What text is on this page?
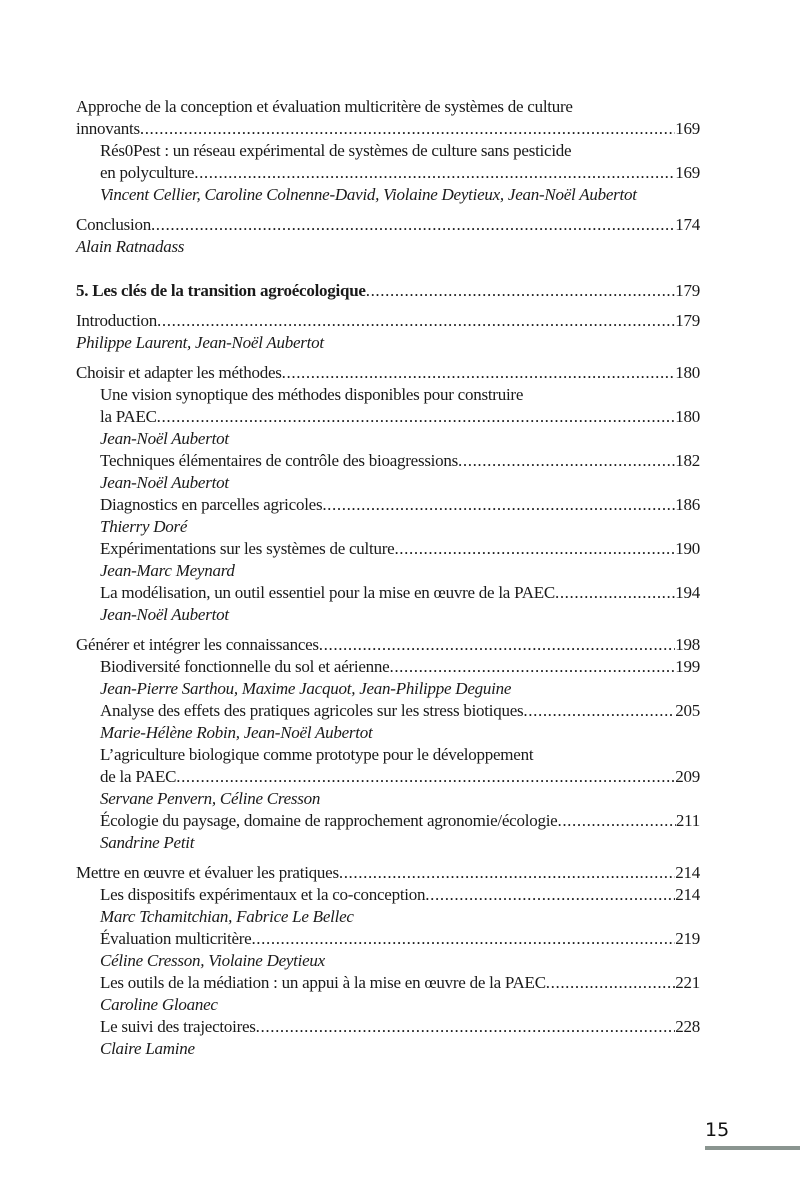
Approche de la conception et évaluation multicritère de systèmes de culture
innovants .....	169
Rés0Pest : un réseau expérimental de systèmes de culture sans pesticide
en polyculture .....	169
Vincent Cellier, Caroline Colnenne-David, Violaine Deytieux, Jean-Noël Aubertot
Conclusion .....	174
Alain Ratnadass
5. Les clés de la transition agroécologique .....	179
Introduction .....	179
Philippe Laurent, Jean-Noël Aubertot
Choisir et adapter les méthodes .....	180
Une vision synoptique des méthodes disponibles pour construire
la PAEC .....	180
Jean-Noël Aubertot
Techniques élémentaires de contrôle des bioagressions .....	182
Jean-Noël Aubertot
Diagnostics en parcelles agricoles .....	186
Thierry Doré
Expérimentations sur les systèmes de culture .....	190
Jean-Marc Meynard
La modélisation, un outil essentiel pour la mise en œuvre de la PAEC .....	194
Jean-Noël Aubertot
Générer et intégrer les connaissances .....	198
Biodiversité fonctionnelle du sol et aérienne .....	199
Jean-Pierre Sarthou, Maxime Jacquot, Jean-Philippe Deguine
Analyse des effets des pratiques agricoles sur les stress biotiques .....	205
Marie-Hélène Robin, Jean-Noël Aubertot
L’agriculture biologique comme prototype pour le développement
de la PAEC .....	209
Servane Penvern, Céline Cresson
Écologie du paysage, domaine de rapprochement agronomie/écologie .....	211
Sandrine Petit
Mettre en œuvre et évaluer les pratiques .....	214
Les dispositifs expérimentaux et la co-conception .....	214
Marc Tchamitchian, Fabrice Le Bellec
Évaluation multicritère .....	219
Céline Cresson, Violaine Deytieux
Les outils de la médiation : un appui à la mise en œuvre de la PAEC .....	221
Caroline Gloanec
Le suivi des trajectoires .....	228
Claire Lamine
15
